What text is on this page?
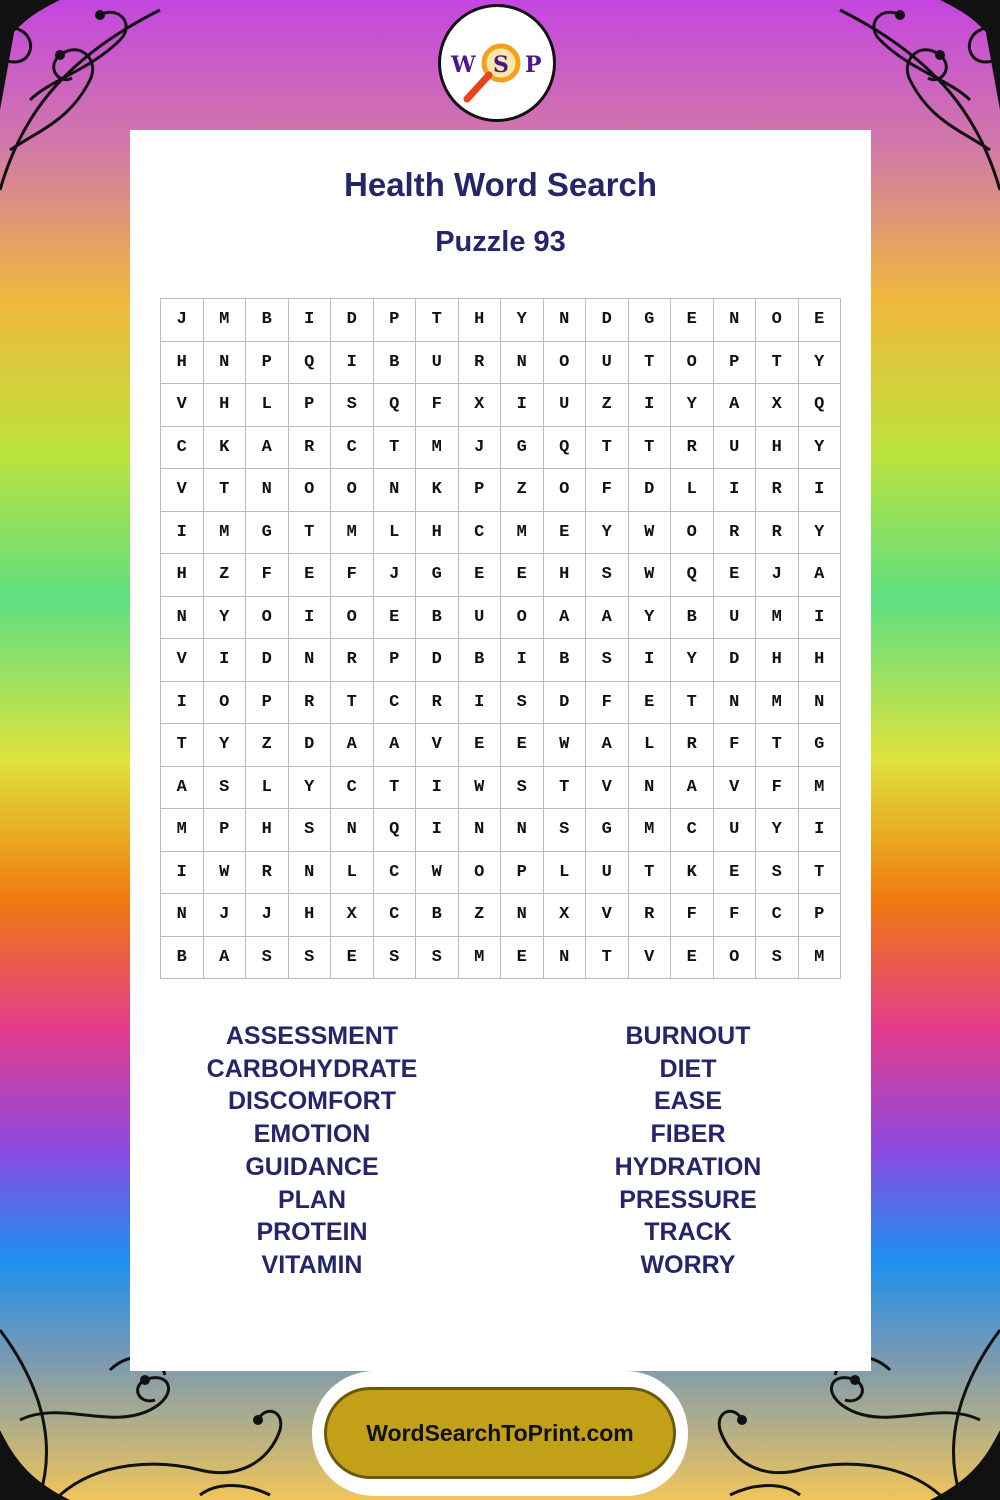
W S P
Health Word Search
Puzzle 93
J	M	B	I	D	P	T	H	Y	N	D	G	E	N	O	E
H	N	P	Q	I	B	U	R	N	O	U	T	O	P	T	Y
V	H	L	P	S	Q	F	X	I	U	Z	I	Y	A	X	Q
C	K	A	R	C	T	M	J	G	Q	T	T	R	U	H	Y
V	T	N	O	O	N	K	P	Z	O	F	D	L	I	R	I
I	M	G	T	M	L	H	C	M	E	Y	W	O	R	R	Y
H	Z	F	E	F	J	G	E	E	H	S	W	Q	E	J	A
N	Y	O	I	O	E	B	U	O	A	A	Y	B	U	M	I
V	I	D	N	R	P	D	B	I	B	S	I	Y	D	H	H
I	O	P	R	T	C	R	I	S	D	F	E	T	N	M	N
T	Y	Z	D	A	A	V	E	E	W	A	L	R	F	T	G
A	S	L	Y	C	T	I	W	S	T	V	N	A	V	F	M
M	P	H	S	N	Q	I	N	N	S	G	M	C	U	Y	I
I	W	R	N	L	C	W	O	P	L	U	T	K	E	S	T
N	J	J	H	X	C	B	Z	N	X	V	R	F	F	C	P
B	A	S	S	E	S	S	M	E	N	T	V	E	O	S	M
ASSESSMENT
CARBOHYDRATE
DISCOMFORT
EMOTION
GUIDANCE
PLAN
PROTEIN
VITAMIN
BURNOUT
DIET
EASE
FIBER
HYDRATION
PRESSURE
TRACK
WORRY
WordSearchToPrint.com
